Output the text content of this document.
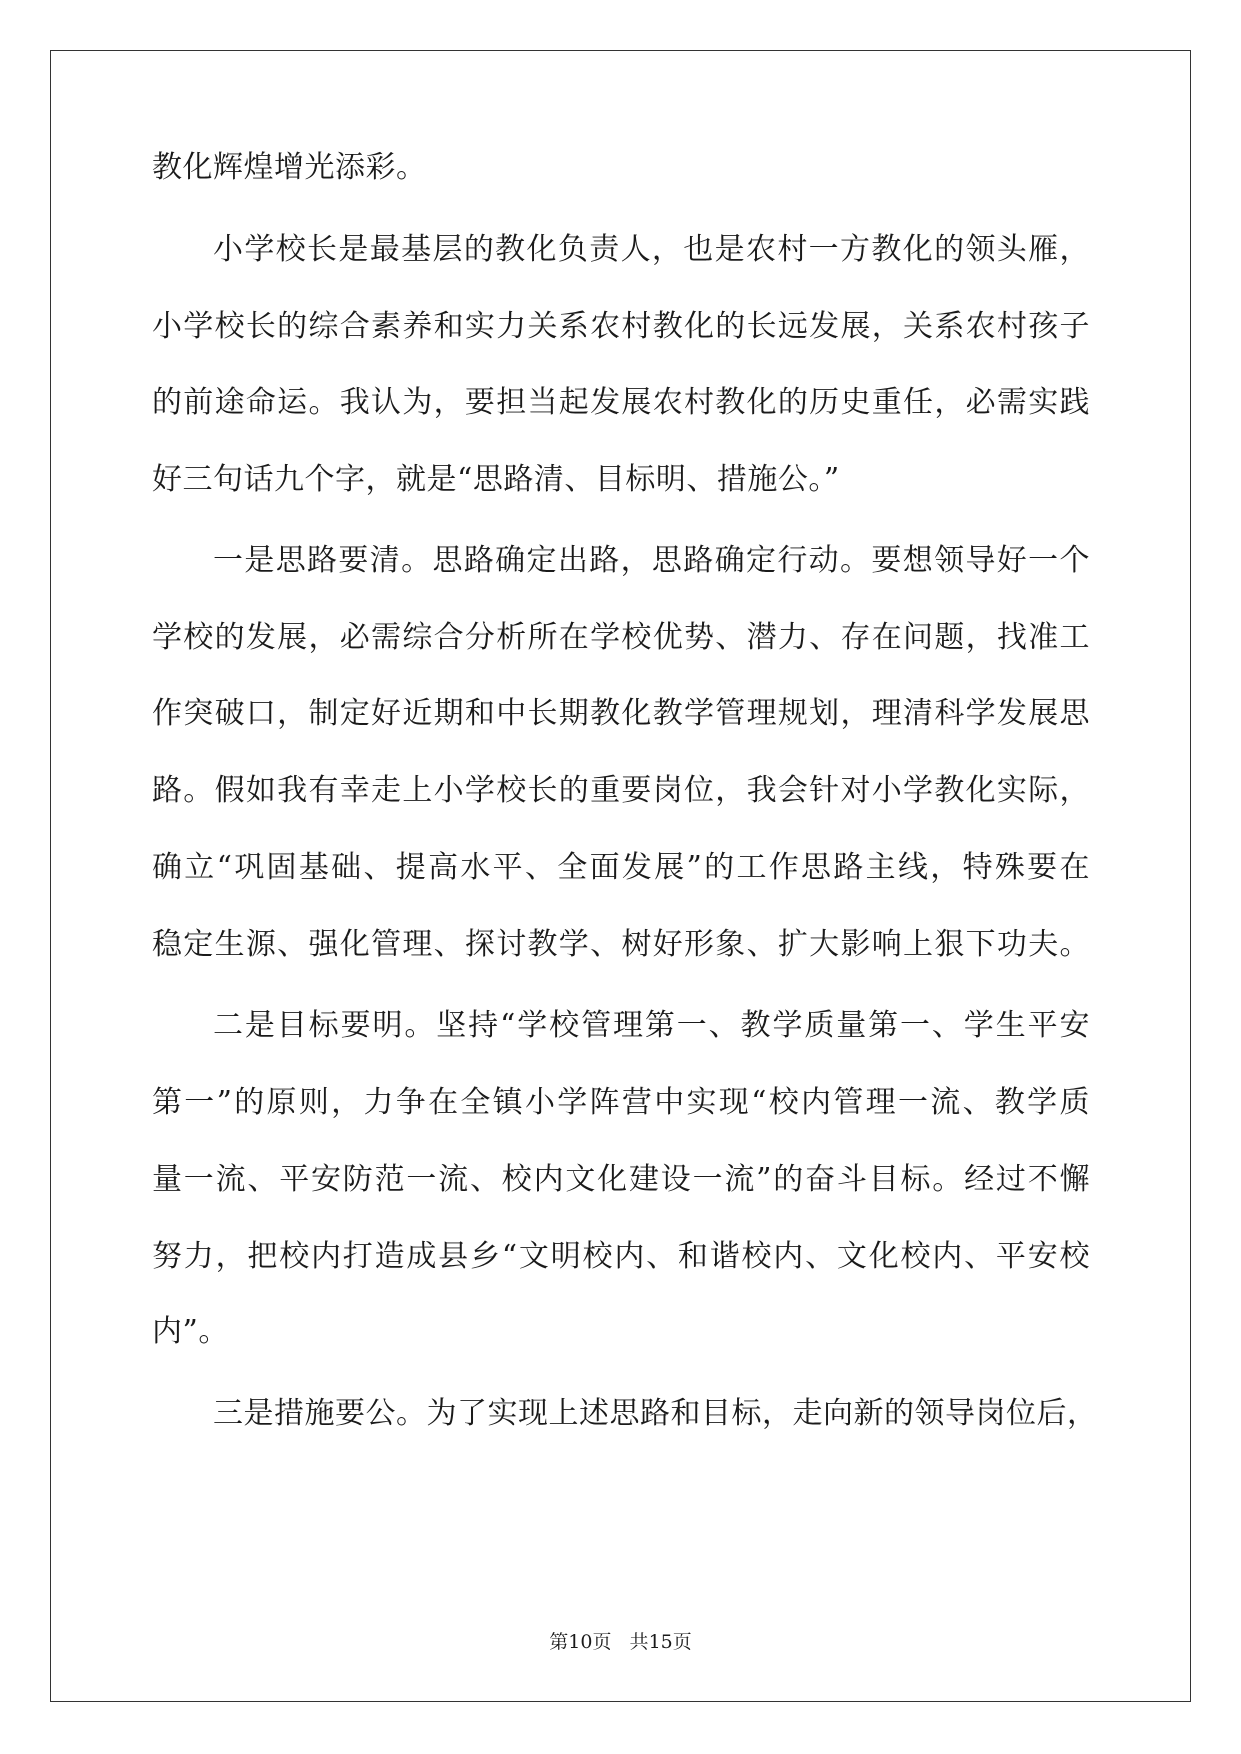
教化辉煌增光添彩。
小学校长是最基层的教化负责人，也是农村一方教化的领头雁，
小学校长的综合素养和实力关系农村教化的长远发展，关系农村孩子
的前途命运。我认为，要担当起发展农村教化的历史重任，必需实践
好三句话九个字，就是“思路清、目标明、措施公。”
一是思路要清。思路确定出路，思路确定行动。要想领导好一个
学校的发展，必需综合分析所在学校优势、潜力、存在问题，找准工
作突破口，制定好近期和中长期教化教学管理规划，理清科学发展思
路。假如我有幸走上小学校长的重要岗位，我会针对小学教化实际，
确立“巩固基础、提高水平、全面发展”的工作思路主线，特殊要在
稳定生源、强化管理、探讨教学、树好形象、扩大影响上狠下功夫。
二是目标要明。坚持“学校管理第一、教学质量第一、学生平安
第一”的原则，力争在全镇小学阵营中实现“校内管理一流、教学质
量一流、平安防范一流、校内文化建设一流”的奋斗目标。经过不懈
努力，把校内打造成县乡“文明校内、和谐校内、文化校内、平安校
内”。
三是措施要公。为了实现上述思路和目标，走向新的领导岗位后，
第10页   共15页
